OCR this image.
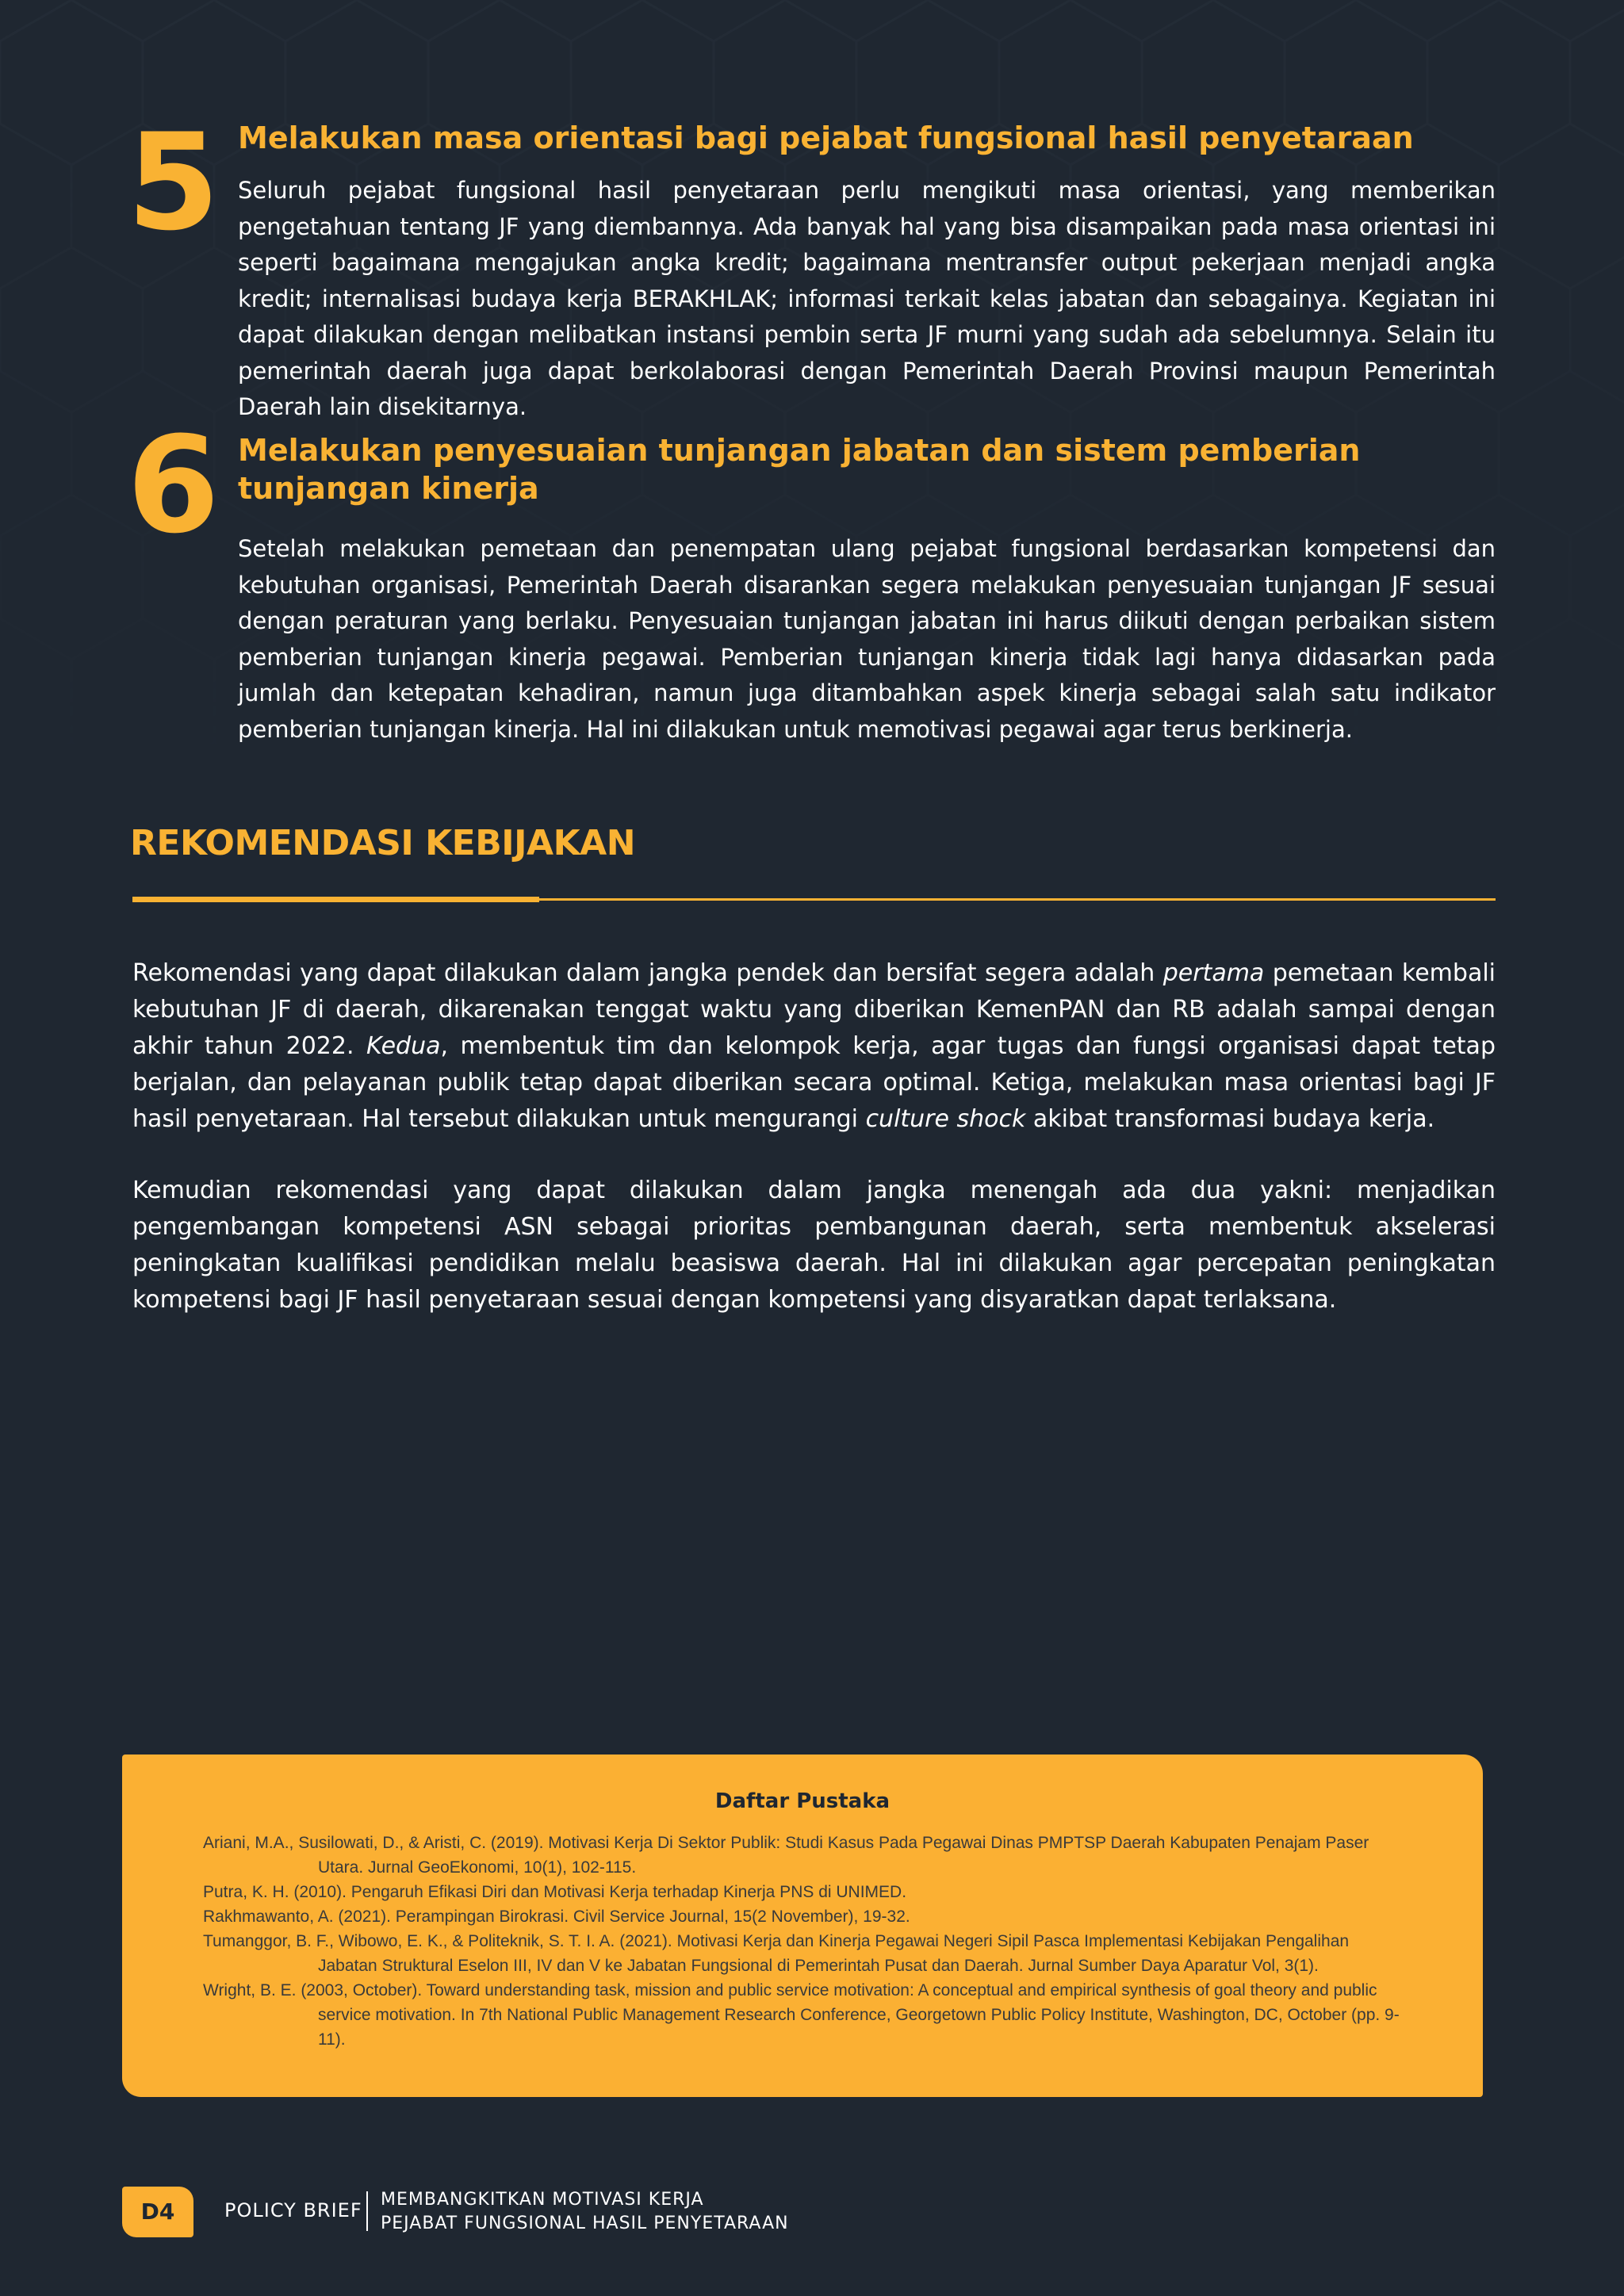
5 Melakukan masa orientasi bagi pejabat fungsional hasil penyetaraan

Seluruh pejabat fungsional hasil penyetaraan perlu mengikuti masa orientasi, yang memberikan pengetahuan tentang JF yang diembannya. Ada banyak hal yang bisa disampaikan pada masa orientasi ini seperti bagaimana mengajukan angka kredit; bagaimana mentransfer output pekerjaan menjadi angka kredit; internalisasi budaya kerja BERAKHLAK; informasi terkait kelas jabatan dan sebagainya. Kegiatan ini dapat dilakukan dengan melibatkan instansi pembin serta JF murni yang sudah ada sebelumnya. Selain itu pemerintah daerah juga dapat berkolaborasi dengan Pemerintah Daerah Provinsi maupun Pemerintah Daerah lain disekitarnya.

6 Melakukan penyesuaian tunjangan jabatan dan sistem pemberian tunjangan kinerja

Setelah melakukan pemetaan dan penempatan ulang pejabat fungsional berdasarkan kompetensi dan kebutuhan organisasi, Pemerintah Daerah disarankan segera melakukan penyesuaian tunjangan JF sesuai dengan peraturan yang berlaku. Penyesuaian tunjangan jabatan ini harus diikuti dengan perbaikan sistem pemberian tunjangan kinerja pegawai. Pemberian tunjangan kinerja tidak lagi hanya didasarkan pada jumlah dan ketepatan kehadiran, namun juga ditambahkan aspek kinerja sebagai salah satu indikator pemberian tunjangan kinerja. Hal ini dilakukan untuk memotivasi pegawai agar terus berkinerja.

REKOMENDASI KEBIJAKAN

Rekomendasi yang dapat dilakukan dalam jangka pendek dan bersifat segera adalah pertama pemetaan kembali kebutuhan JF di daerah, dikarenakan tenggat waktu yang diberikan KemenPAN dan RB adalah sampai dengan akhir tahun 2022. Kedua, membentuk tim dan kelompok kerja, agar tugas dan fungsi organisasi dapat tetap berjalan, dan pelayanan publik tetap dapat diberikan secara optimal. Ketiga, melakukan masa orientasi bagi JF hasil penyetaraan. Hal tersebut dilakukan untuk mengurangi culture shock akibat transformasi budaya kerja.

Kemudian rekomendasi yang dapat dilakukan dalam jangka menengah ada dua yakni: menjadikan pengembangan kompetensi ASN sebagai prioritas pembangunan daerah, serta membentuk akselerasi peningkatan kualifikasi pendidikan melalu beasiswa daerah. Hal ini dilakukan agar percepatan peningkatan kompetensi bagi JF hasil penyetaraan sesuai dengan kompetensi yang disyaratkan dapat terlaksana.

Daftar Pustaka
Ariani, M.A., Susilowati, D., & Aristi, C. (2019). Motivasi Kerja Di Sektor Publik: Studi Kasus Pada Pegawai Dinas PMPTSP Daerah Kabupaten Penajam Paser Utara. Jurnal GeoEkonomi, 10(1), 102-115.
Putra, K. H. (2010). Pengaruh Efikasi Diri dan Motivasi Kerja terhadap Kinerja PNS di UNIMED.
Rakhmawanto, A. (2021). Perampingan Birokrasi. Civil Service Journal, 15(2 November), 19-32.
Tumanggor, B. F., Wibowo, E. K., & Politeknik, S. T. I. A. (2021). Motivasi Kerja dan Kinerja Pegawai Negeri Sipil Pasca Implementasi Kebijakan Pengalihan Jabatan Struktural Eselon III, IV dan V ke Jabatan Fungsional di Pemerintah Pusat dan Daerah. Jurnal Sumber Daya Aparatur Vol, 3(1).
Wright, B. E. (2003, October). Toward understanding task, mission and public service motivation: A conceptual and empirical synthesis of goal theory and public service motivation. In 7th National Public Management Research Conference, Georgetown Public Policy Institute, Washington, DC, October (pp. 9-11).
D4	POLICY BRIEF MEMBANGKITKAN MOTIVASI KERJA
PEJABAT FUNGSIONAL HASIL PENYETARAAN
